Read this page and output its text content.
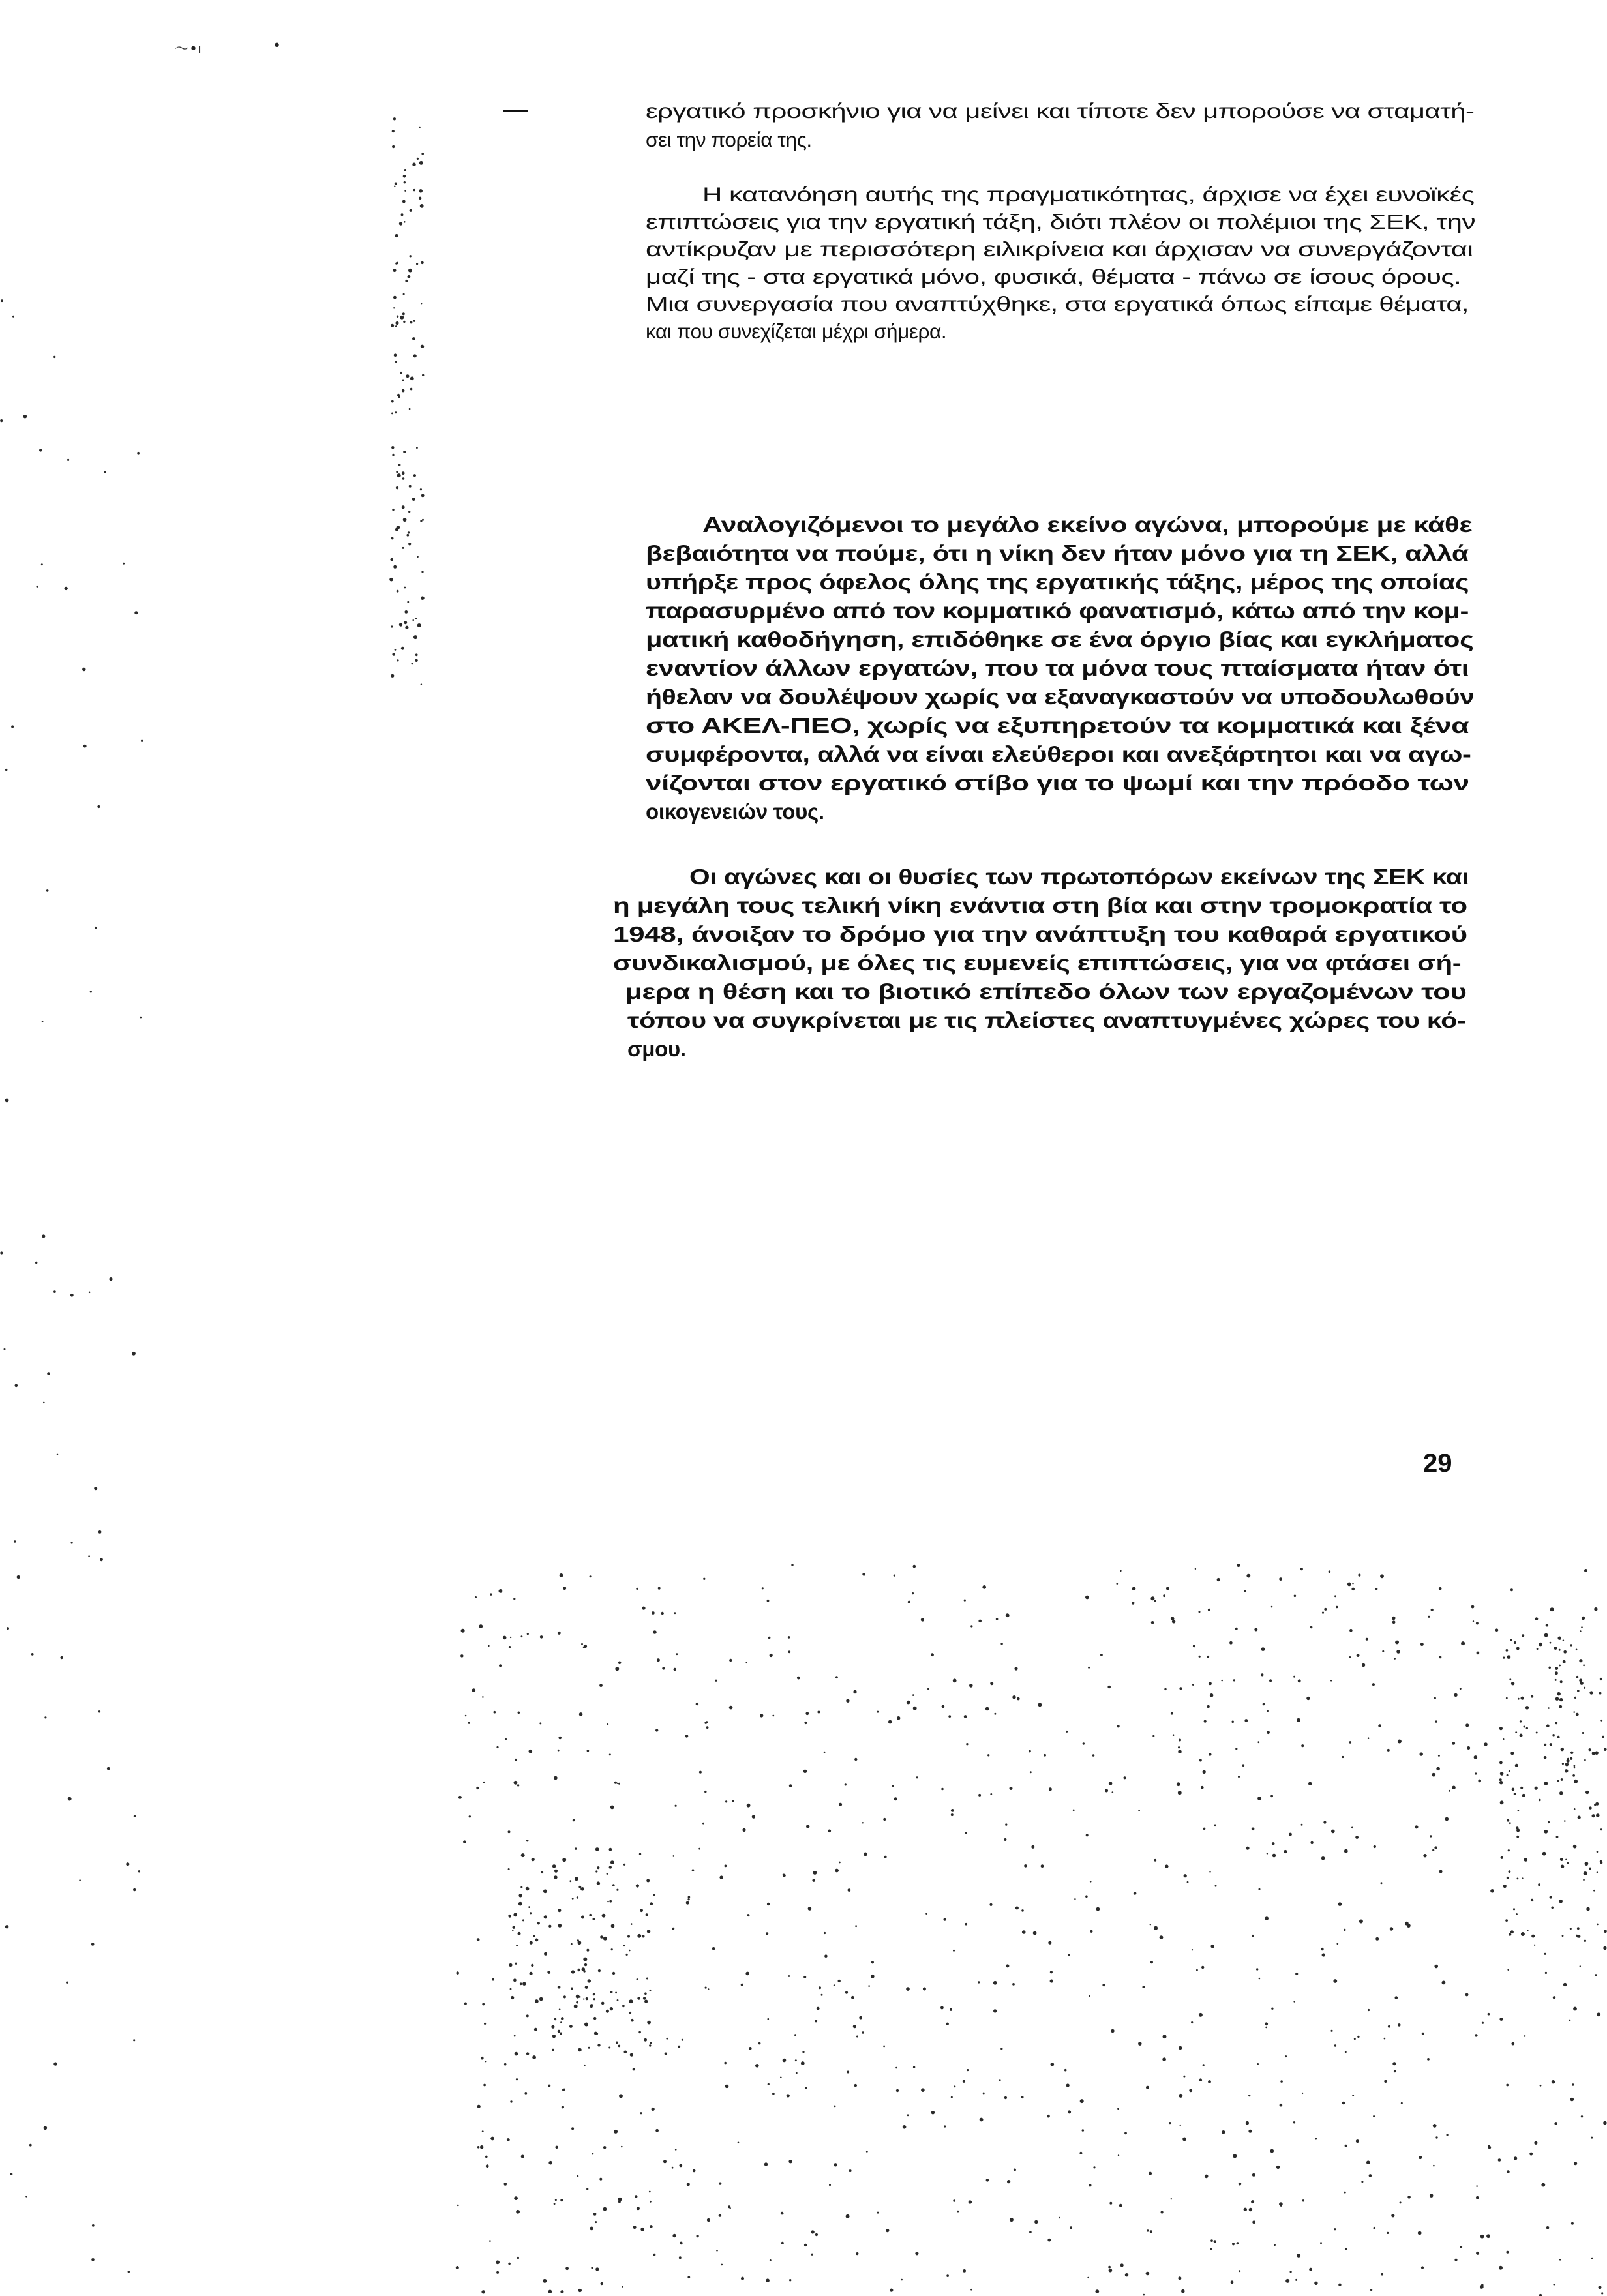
〜•ı	•
εργατικό προσκήνιο για να μείνει και τίποτε δεν μπορούσε να σταματή-
σει την πορεία της.
Η κατανόηση αυτής της πραγματικότητας, άρχισε να έχει ευνοϊκές
επιπτώσεις για την εργατική τάξη, διότι πλέον οι πολέμιοι της ΣΕΚ, την
αντίκρυζαν με περισσότερη ειλικρίνεια και άρχισαν να συνεργάζονται
μαζί της - στα εργατικά μόνο, φυσικά, θέματα - πάνω σε ίσους όρους.
Μια συνεργασία που αναπτύχθηκε, στα εργατικά όπως είπαμε θέματα,
και που συνεχίζεται μέχρι σήμερα.
Αναλογιζόμενοι το μεγάλο εκείνο αγώνα, μπορούμε με κάθε
βεβαιότητα να πούμε, ότι η νίκη δεν ήταν μόνο για τη ΣΕΚ, αλλά
υπήρξε προς όφελος όλης της εργατικής τάξης, μέρος της οποίας
παρασυρμένο από τον κομματικό φανατισμό, κάτω από την κομ-
ματική καθοδήγηση, επιδόθηκε σε ένα όργιο βίας και εγκλήματος
εναντίον άλλων εργατών, που τα μόνα τους πταίσματα ήταν ότι
ήθελαν να δουλέψουν χωρίς να εξαναγκαστούν να υποδουλωθούν
στο ΑΚΕΛ-ΠΕΟ, χωρίς να εξυπηρετούν τα κομματικά και ξένα
συμφέροντα, αλλά να είναι ελεύθεροι και ανεξάρτητοι και να αγω-
νίζονται στον εργατικό στίβο για το ψωμί και την πρόοδο των
οικογενειών τους.
Οι αγώνες και οι θυσίες των πρωτοπόρων εκείνων της ΣΕΚ και
η μεγάλη τους τελική νίκη ενάντια στη βία και στην τρομοκρατία το
1948, άνοιξαν το δρόμο για την ανάπτυξη του καθαρά εργατικού
συνδικαλισμού, με όλες τις ευμενείς επιπτώσεις, για να φτάσει σή-
μερα η θέση και το βιοτικό επίπεδο όλων των εργαζομένων του
τόπου να συγκρίνεται με τις πλείστες αναπτυγμένες χώρες του κό-
σμου.
29
